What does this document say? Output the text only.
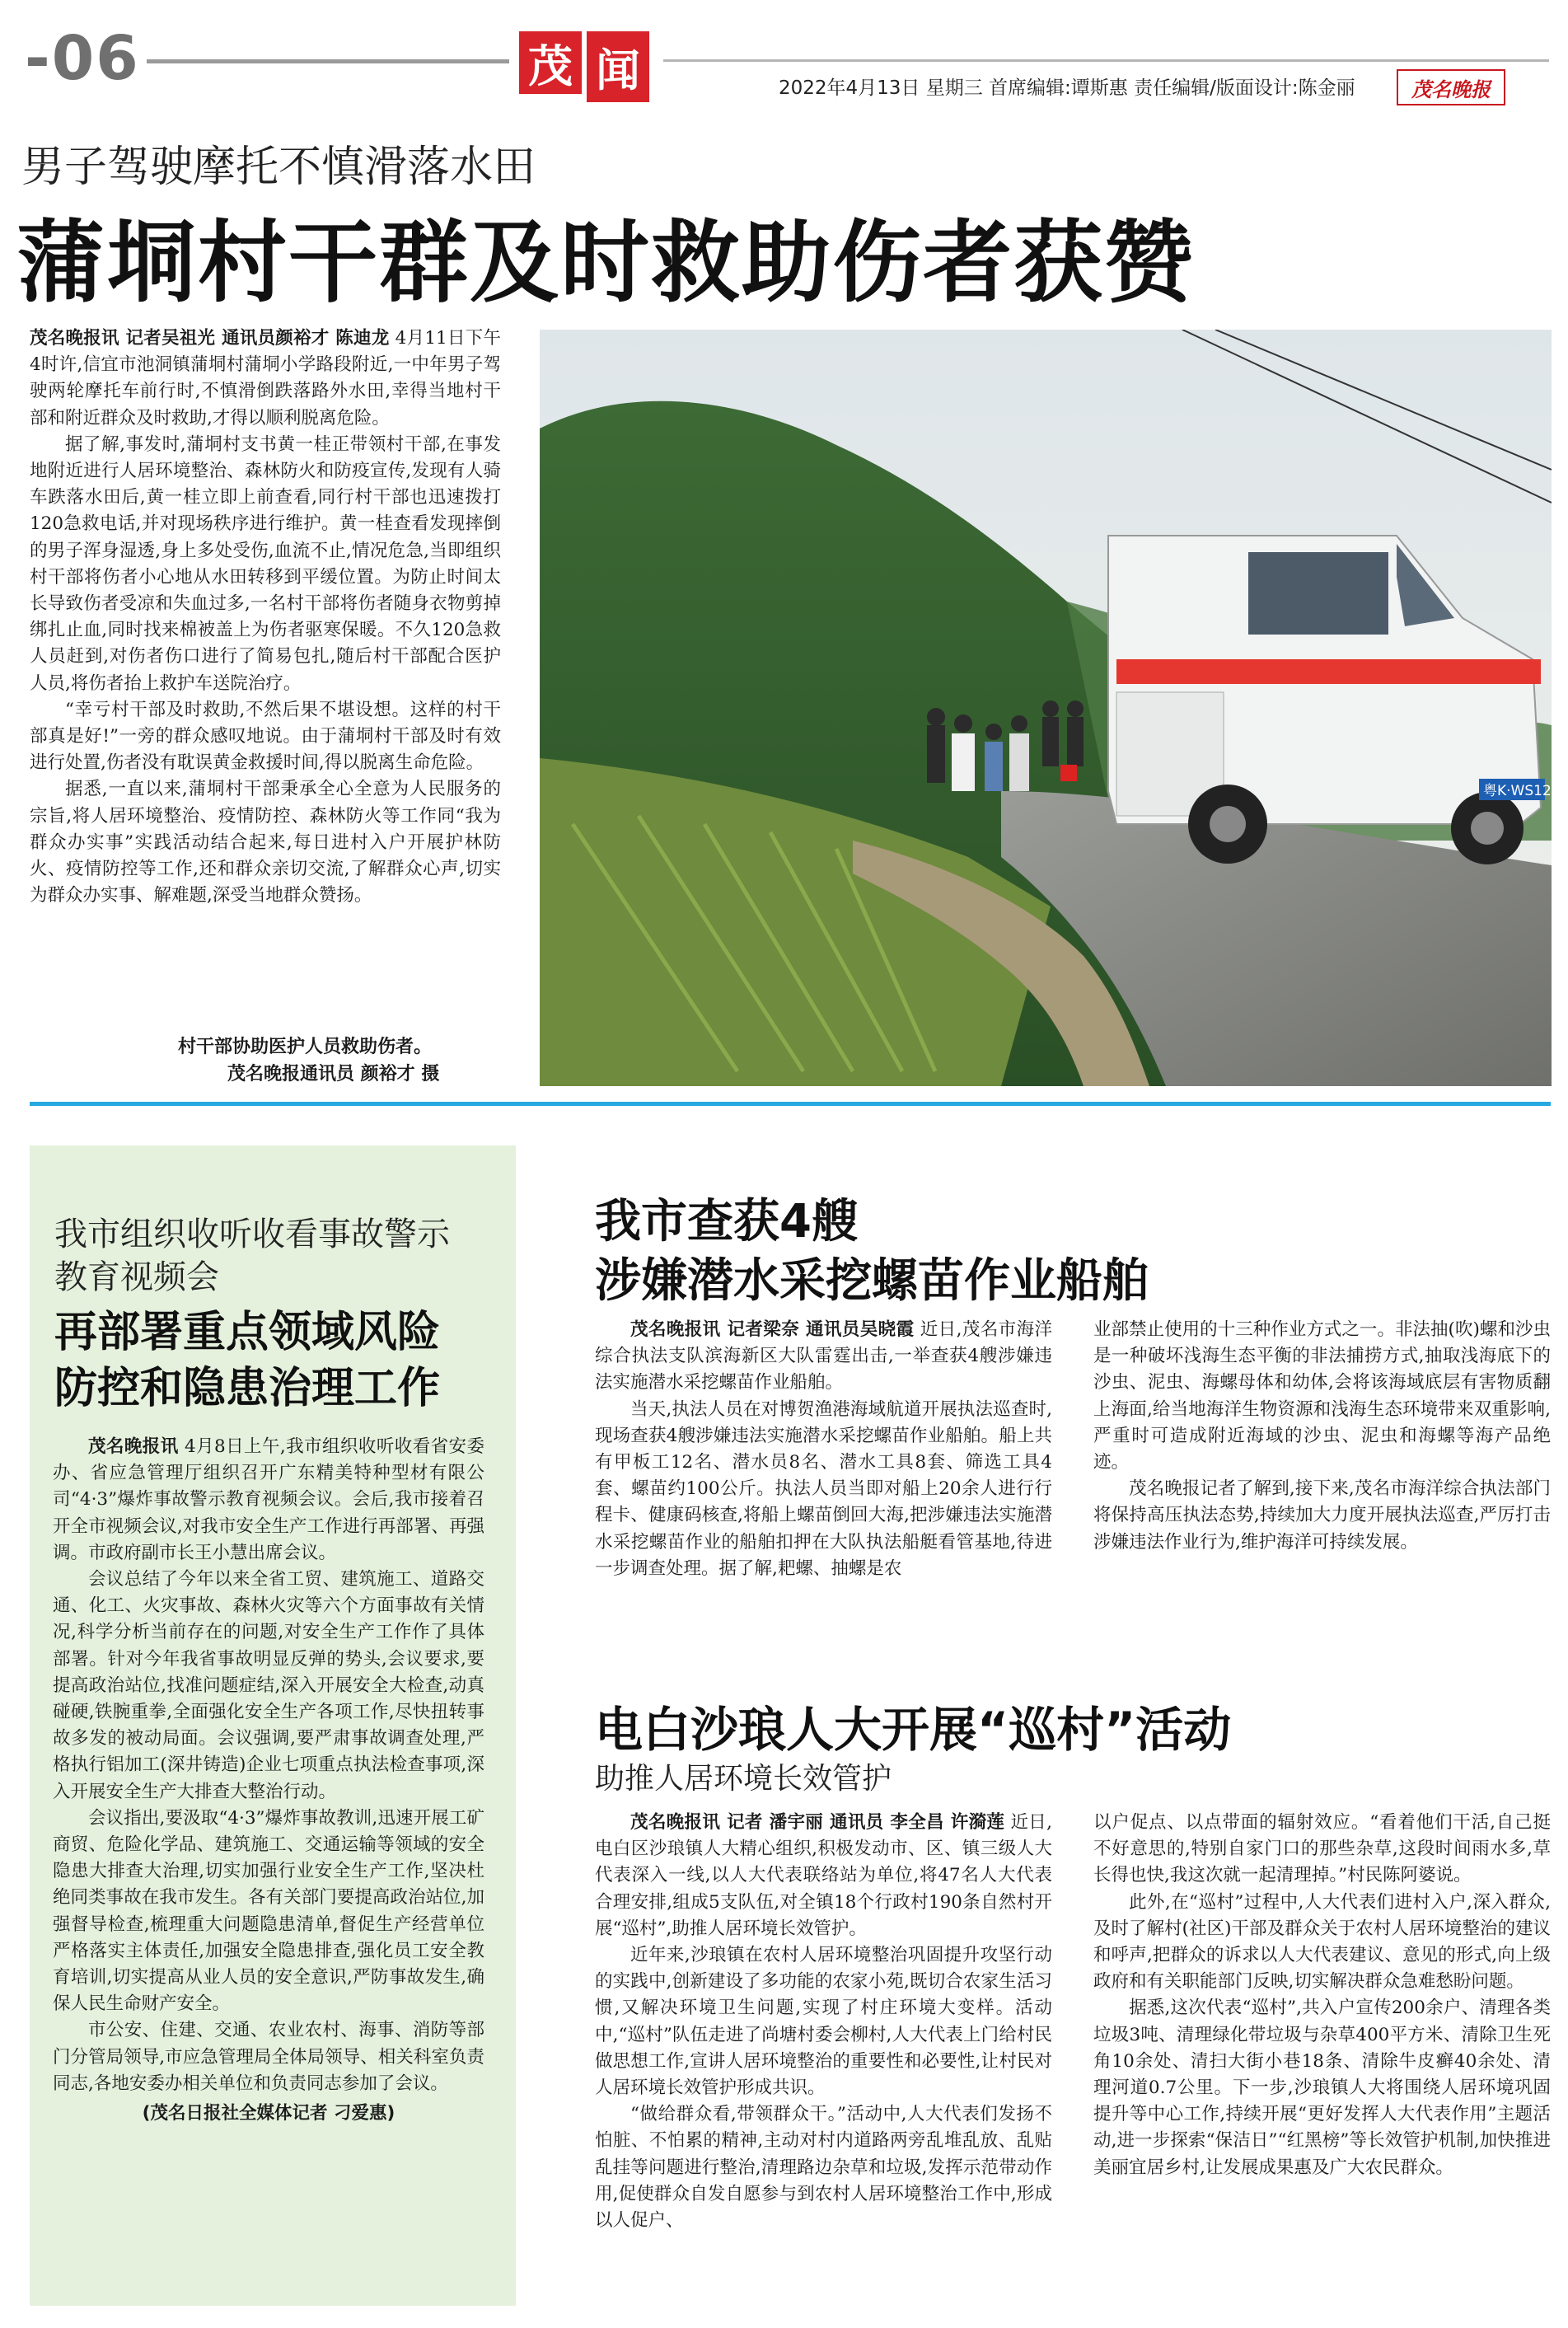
-06	茂 闻	2022年4月13日 星期三 首席编辑:谭斯惠 责任编辑/版面设计:陈金丽	茂名晚报
男子驾驶摩托不慎滑落水田
蒲垌村干群及时救助伤者获赞

茂名晚报讯 记者吴祖光 通讯员颜裕才 陈迪龙 4月11日下午4时许,信宜市池洞镇蒲垌村蒲垌小学路段附近,一中年男子驾驶两轮摩托车前行时,不慎滑倒跌落路外水田,幸得当地村干部和附近群众及时救助,才得以顺利脱离危险。

据了解,事发时,蒲垌村支书黄一桂正带领村干部,在事发地附近进行人居环境整治、森林防火和防疫宣传,发现有人骑车跌落水田后,黄一桂立即上前查看,同行村干部也迅速拨打120急救电话,并对现场秩序进行维护。黄一桂查看发现摔倒的男子浑身湿透,身上多处受伤,血流不止,情况危急,当即组织村干部将伤者小心地从水田转移到平缓位置。为防止时间太长导致伤者受凉和失血过多,一名村干部将伤者随身衣物剪掉绑扎止血,同时找来棉被盖上为伤者驱寒保暖。不久120急救人员赶到,对伤者伤口进行了简易包扎,随后村干部配合医护人员,将伤者抬上救护车送院治疗。

“幸亏村干部及时救助,不然后果不堪设想。这样的村干部真是好!”一旁的群众感叹地说。由于蒲垌村干部及时有效进行处置,伤者没有耽误黄金救援时间,得以脱离生命危险。

据悉,一直以来,蒲垌村干部秉承全心全意为人民服务的宗旨,将人居环境整治、疫情防控、森林防火等工作同“我为群众办实事”实践活动结合起来,每日进村入户开展护林防火、疫情防控等工作,还和群众亲切交流,了解群众心声,切实为群众办实事、解难题,深受当地群众赞扬。

村干部协助医护人员救助伤者。
茂名晚报通讯员 颜裕才 摄
粤K·WS12
我市组织收听收看事故警示
教育视频会
再部署重点领域风险
防控和隐患治理工作

茂名晚报讯 4月8日上午,我市组织收听收看省安委办、省应急管理厅组织召开广东精美特种型材有限公司“4·3”爆炸事故警示教育视频会议。会后,我市接着召开全市视频会议,对我市安全生产工作进行再部署、再强调。市政府副市长王小慧出席会议。

会议总结了今年以来全省工贸、建筑施工、道路交通、化工、火灾事故、森林火灾等六个方面事故有关情况,科学分析当前存在的问题,对安全生产工作作了具体部署。针对今年我省事故明显反弹的势头,会议要求,要提高政治站位,找准问题症结,深入开展安全大检查,动真碰硬,铁腕重拳,全面强化安全生产各项工作,尽快扭转事故多发的被动局面。会议强调,要严肃事故调查处理,严格执行铝加工(深井铸造)企业七项重点执法检查事项,深入开展安全生产大排查大整治行动。

会议指出,要汲取“4·3”爆炸事故教训,迅速开展工矿商贸、危险化学品、建筑施工、交通运输等领域的安全隐患大排查大治理,切实加强行业安全生产工作,坚决杜绝同类事故在我市发生。各有关部门要提高政治站位,加强督导检查,梳理重大问题隐患清单,督促生产经营单位严格落实主体责任,加强安全隐患排查,强化员工安全教育培训,切实提高从业人员的安全意识,严防事故发生,确保人民生命财产安全。

市公安、住建、交通、农业农村、海事、消防等部门分管局领导,市应急管理局全体局领导、相关科室负责同志,各地安委办相关单位和负责同志参加了会议。

(茂名日报社全媒体记者 刁爱惠)

我市查获4艘
涉嫌潜水采挖螺苗作业船舶

茂名晚报讯 记者梁奈 通讯员吴晓霞 近日,茂名市海洋综合执法支队滨海新区大队雷霆出击,一举查获4艘涉嫌违法实施潜水采挖螺苗作业船舶。

当天,执法人员在对博贺渔港海域航道开展执法巡查时,现场查获4艘涉嫌违法实施潜水采挖螺苗作业船舶。船上共有甲板工12名、潜水员8名、潜水工具8套、筛选工具4套、螺苗约100公斤。执法人员当即对船上20余人进行行程卡、健康码核查,将船上螺苗倒回大海,把涉嫌违法实施潜水采挖螺苗作业的船舶扣押在大队执法船艇看管基地,待进一步调查处理。据了解,耙螺、抽螺是农

业部禁止使用的十三种作业方式之一。非法抽(吹)螺和沙虫是一种破坏浅海生态平衡的非法捕捞方式,抽取浅海底下的沙虫、泥虫、海螺母体和幼体,会将该海域底层有害物质翻上海面,给当地海洋生物资源和浅海生态环境带来双重影响,严重时可造成附近海域的沙虫、泥虫和海螺等海产品绝迹。

茂名晚报记者了解到,接下来,茂名市海洋综合执法部门将保持高压执法态势,持续加大力度开展执法巡查,严厉打击涉嫌违法作业行为,维护海洋可持续发展。

电白沙琅人大开展“巡村”活动
助推人居环境长效管护

茂名晚报讯 记者 潘宇丽 通讯员 李全昌 许漪莲 近日,电白区沙琅镇人大精心组织,积极发动市、区、镇三级人大代表深入一线,以人大代表联络站为单位,将47名人大代表合理安排,组成5支队伍,对全镇18个行政村190条自然村开展“巡村”,助推人居环境长效管护。

近年来,沙琅镇在农村人居环境整治巩固提升攻坚行动的实践中,创新建设了多功能的农家小苑,既切合农家生活习惯,又解决环境卫生问题,实现了村庄环境大变样。活动中,“巡村”队伍走进了尚塘村委会柳村,人大代表上门给村民做思想工作,宣讲人居环境整治的重要性和必要性,让村民对人居环境长效管护形成共识。

“做给群众看,带领群众干。”活动中,人大代表们发扬不怕脏、不怕累的精神,主动对村内道路两旁乱堆乱放、乱贴乱挂等问题进行整治,清理路边杂草和垃圾,发挥示范带动作用,促使群众自发自愿参与到农村人居环境整治工作中,形成以人促户、

以户促点、以点带面的辐射效应。“看着他们干活,自己挺不好意思的,特别自家门口的那些杂草,这段时间雨水多,草长得也快,我这次就一起清理掉。”村民陈阿婆说。

此外,在“巡村”过程中,人大代表们进村入户,深入群众,及时了解村(社区)干部及群众关于农村人居环境整治的建议和呼声,把群众的诉求以人大代表建议、意见的形式,向上级政府和有关职能部门反映,切实解决群众急难愁盼问题。

据悉,这次代表“巡村”,共入户宣传200余户、清理各类垃圾3吨、清理绿化带垃圾与杂草400平方米、清除卫生死角10余处、清扫大街小巷18条、清除牛皮癣40余处、清理河道0.7公里。下一步,沙琅镇人大将围绕人居环境巩固提升等中心工作,持续开展“更好发挥人大代表作用”主题活动,进一步探索“保洁日”“红黑榜”等长效管护机制,加快推进美丽宜居乡村,让发展成果惠及广大农民群众。
